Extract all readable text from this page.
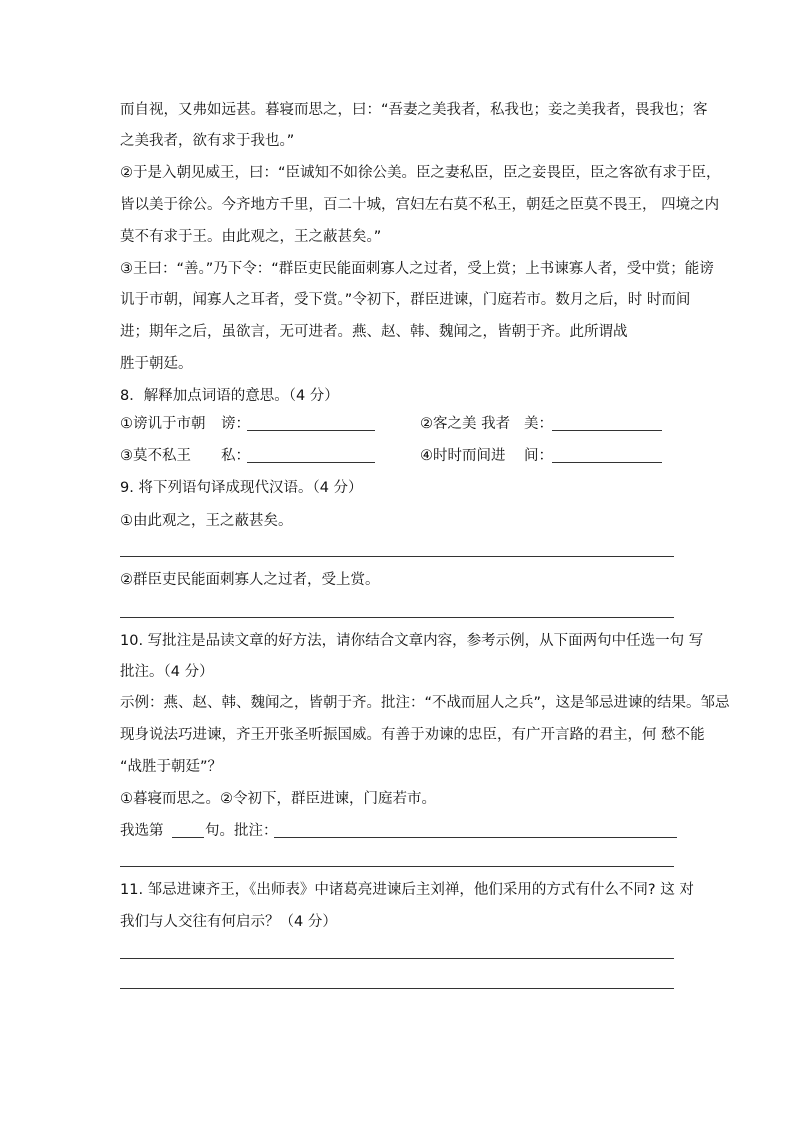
而自视，又弗如远甚。暮寝而思之，曰：“吾妻之美我者，私我也；妾之美我者，畏我也；客
之美我者，欲有求于我也。”
②于是入朝见威王，曰：“臣诚知不如徐公美。臣之妻私臣，臣之妾畏臣，臣之客欲有求于臣，
皆以美于徐公。今齐地方千里，百二十城，宫妇左右莫不私王，朝廷之臣莫不畏王， 四境之内
莫不有求于王。由此观之，王之蔽甚矣。”
③王曰：“善。”乃下令：“群臣吏民能面刺寡人之过者，受上赏；上书谏寡人者，受中赏；能谤
讥于市朝，闻寡人之耳者，受下赏。”令初下，群臣进谏，门庭若市。数月之后，时 时而间
进；期年之后，虽欲言，无可进者。燕、赵、韩、魏闻之，皆朝于齐。此所谓战
胜于朝廷。
8．解释加点词语的意思。（4 分）
①谤讥于市朝 谤：	②客之美 我者 美：
③莫不私王 私：	④时时而间进 间：
9. 将下列语句译成现代汉语。（4 分）
①由此观之，王之蔽甚矣。
②群臣吏民能面刺寡人之过者，受上赏。
10. 写批注是品读文章的好方法，请你结合文章内容，参考示例，从下面两句中任选一句 写
批注。（4 分）
示例：燕、赵、韩、魏闻之，皆朝于齐。批注：“不战而屈人之兵”，这是邹忌进谏的结果。邹忌
现身说法巧进谏，齐王开张圣听振国威。有善于劝谏的忠臣，有广开言路的君主，何 愁不能
“战胜于朝廷”？
①暮寝而思之。②令初下，群臣进谏，门庭若市。
我选第	句。批注：
11. 邹忌进谏齐王，《出师表》中诸葛亮进谏后主刘禅，他们采用的方式有什么不同? 这 对
我们与人交往有何启示？（4 分）
